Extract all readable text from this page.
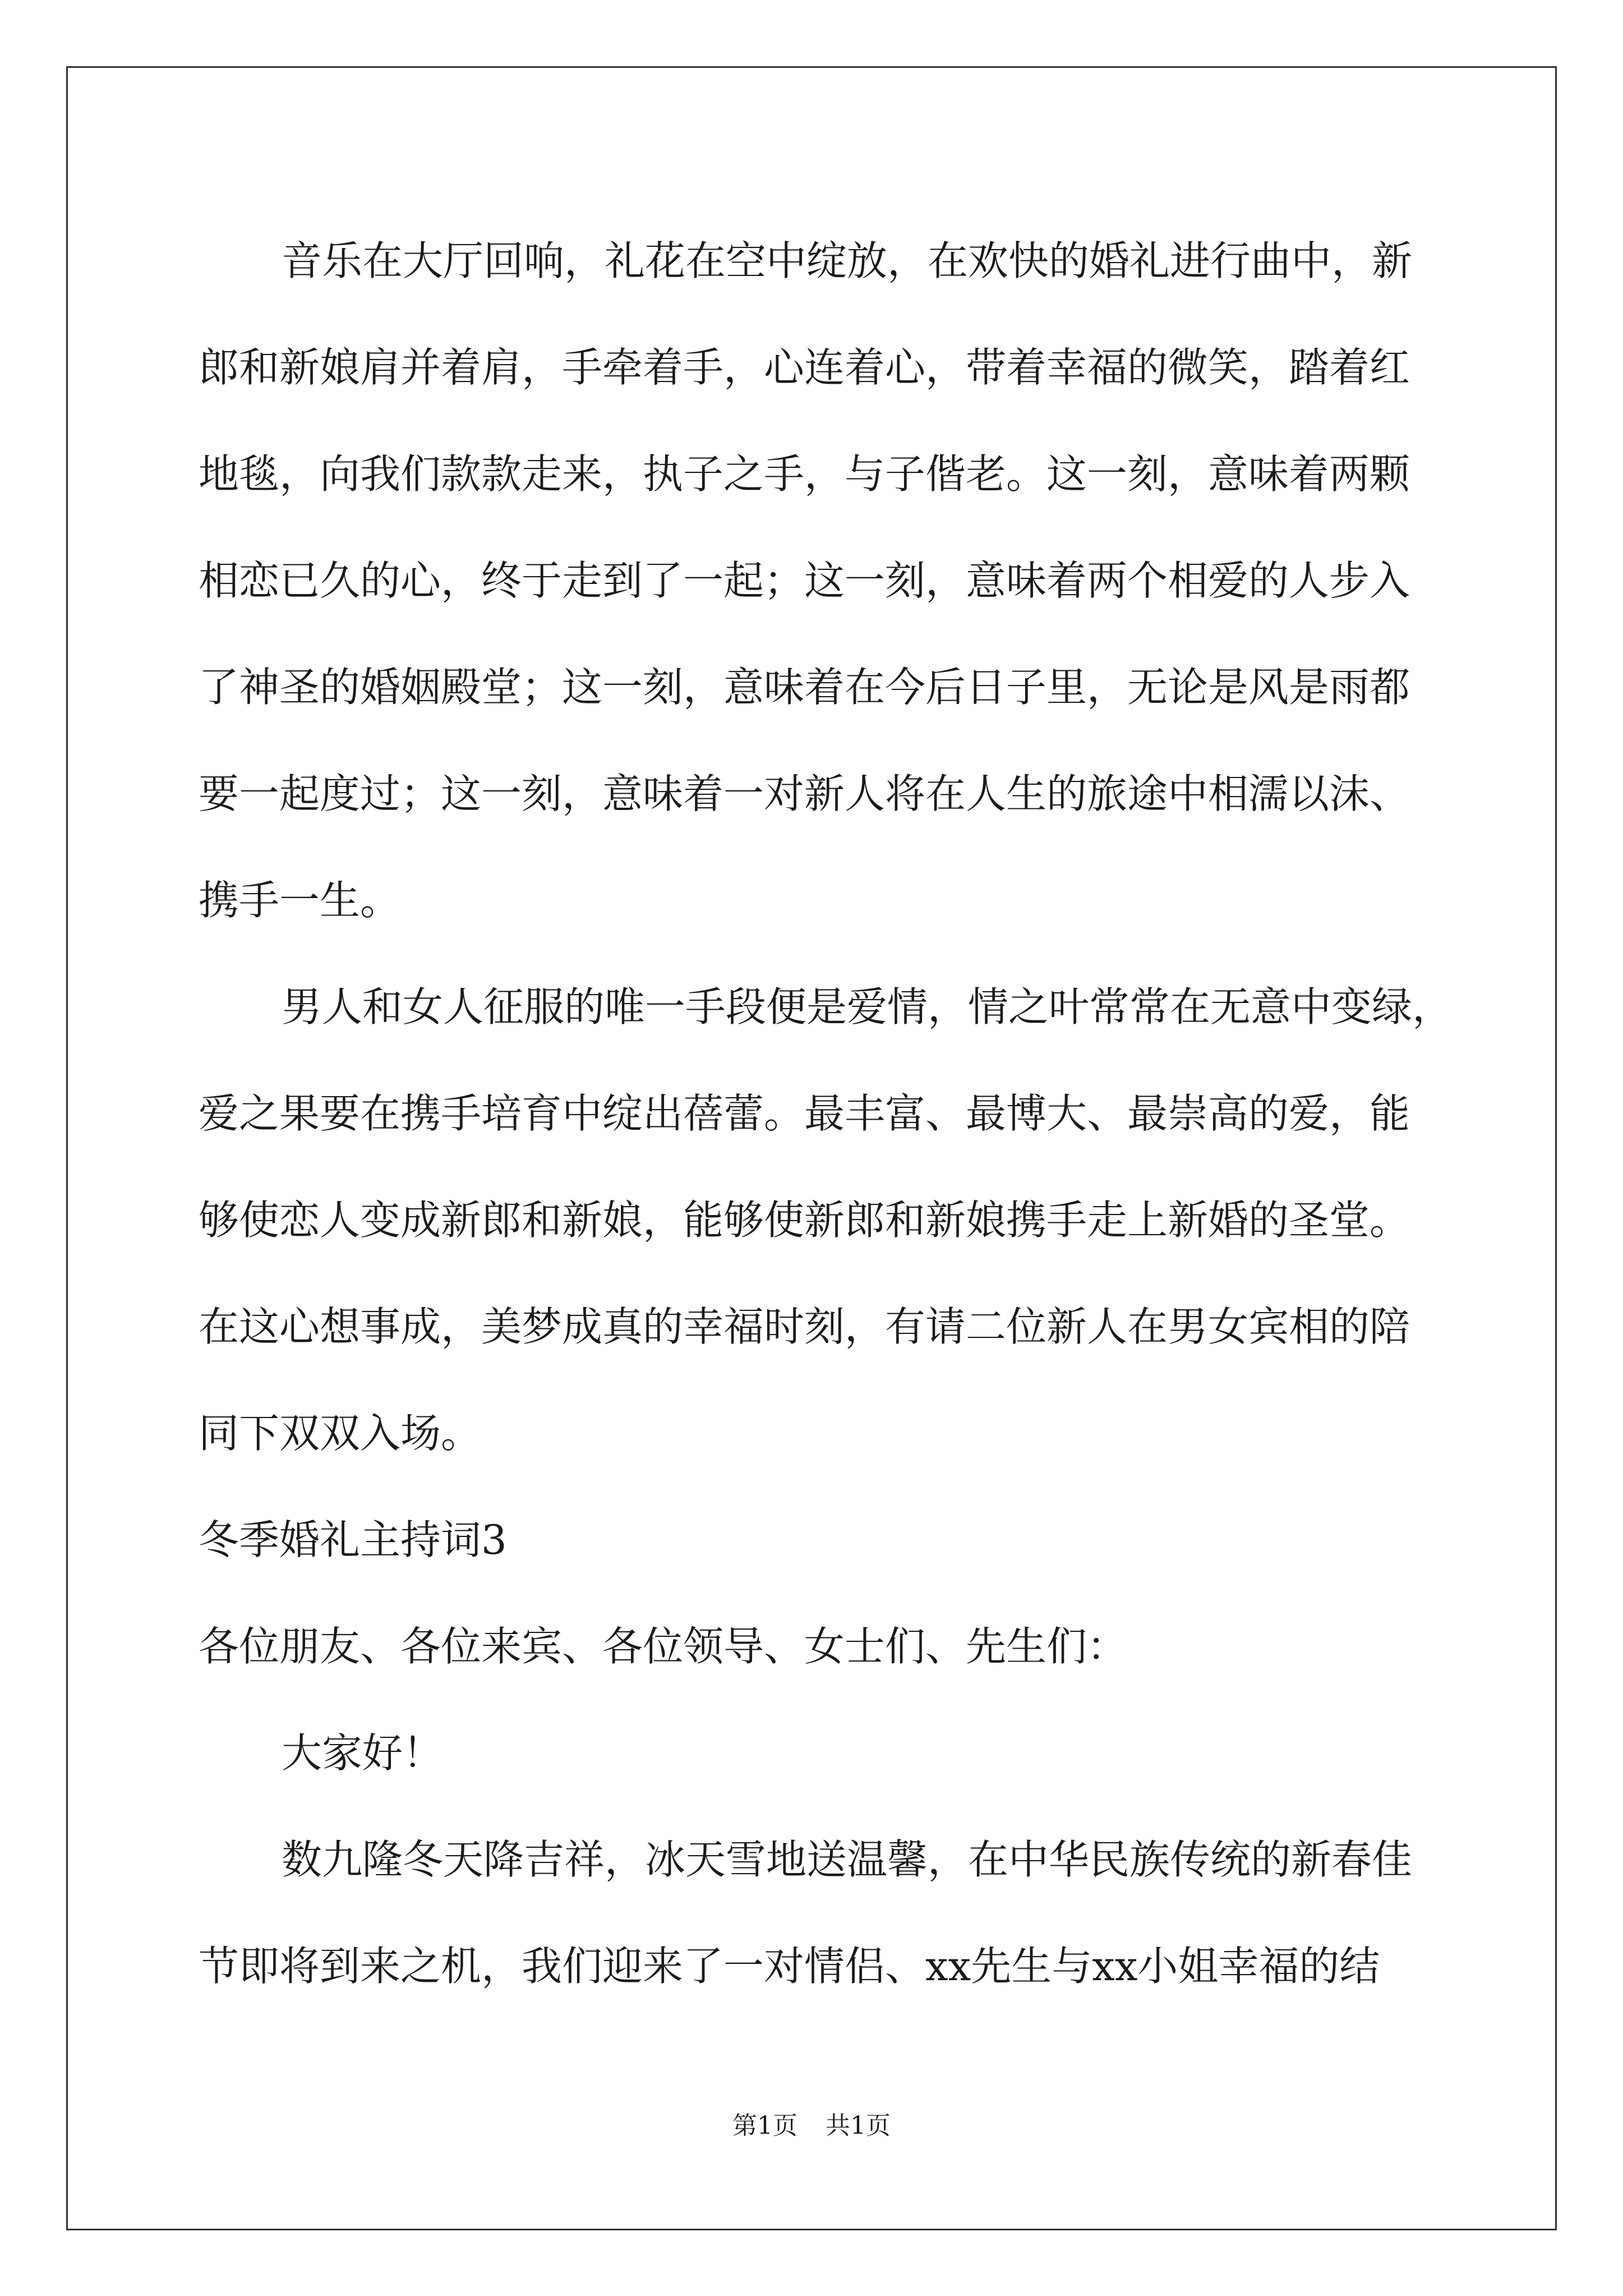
音乐在大厅回响，礼花在空中绽放，在欢快的婚礼进行曲中，新
郎和新娘肩并着肩，手牵着手，心连着心，带着幸福的微笑，踏着红
地毯，向我们款款走来，执子之手，与子偕老。这一刻，意味着两颗
相恋已久的心，终于走到了一起；这一刻，意味着两个相爱的人步入
了神圣的婚姻殿堂；这一刻，意味着在今后日子里，无论是风是雨都
要一起度过；这一刻，意味着一对新人将在人生的旅途中相濡以沫、
携手一生。
男人和女人征服的唯一手段便是爱情，情之叶常常在无意中变绿，
爱之果要在携手培育中绽出蓓蕾。最丰富、最博大、最崇高的爱，能
够使恋人变成新郎和新娘，能够使新郎和新娘携手走上新婚的圣堂。
在这心想事成，美梦成真的幸福时刻，有请二位新人在男女宾相的陪
同下双双入场。
冬季婚礼主持词3
各位朋友、各位来宾、各位领导、女士们、先生们：
大家好！
数九隆冬天降吉祥，冰天雪地送温馨，在中华民族传统的新春佳
节即将到来之机，我们迎来了一对情侣、xx先生与xx小姐幸福的结
第1页 共1页
